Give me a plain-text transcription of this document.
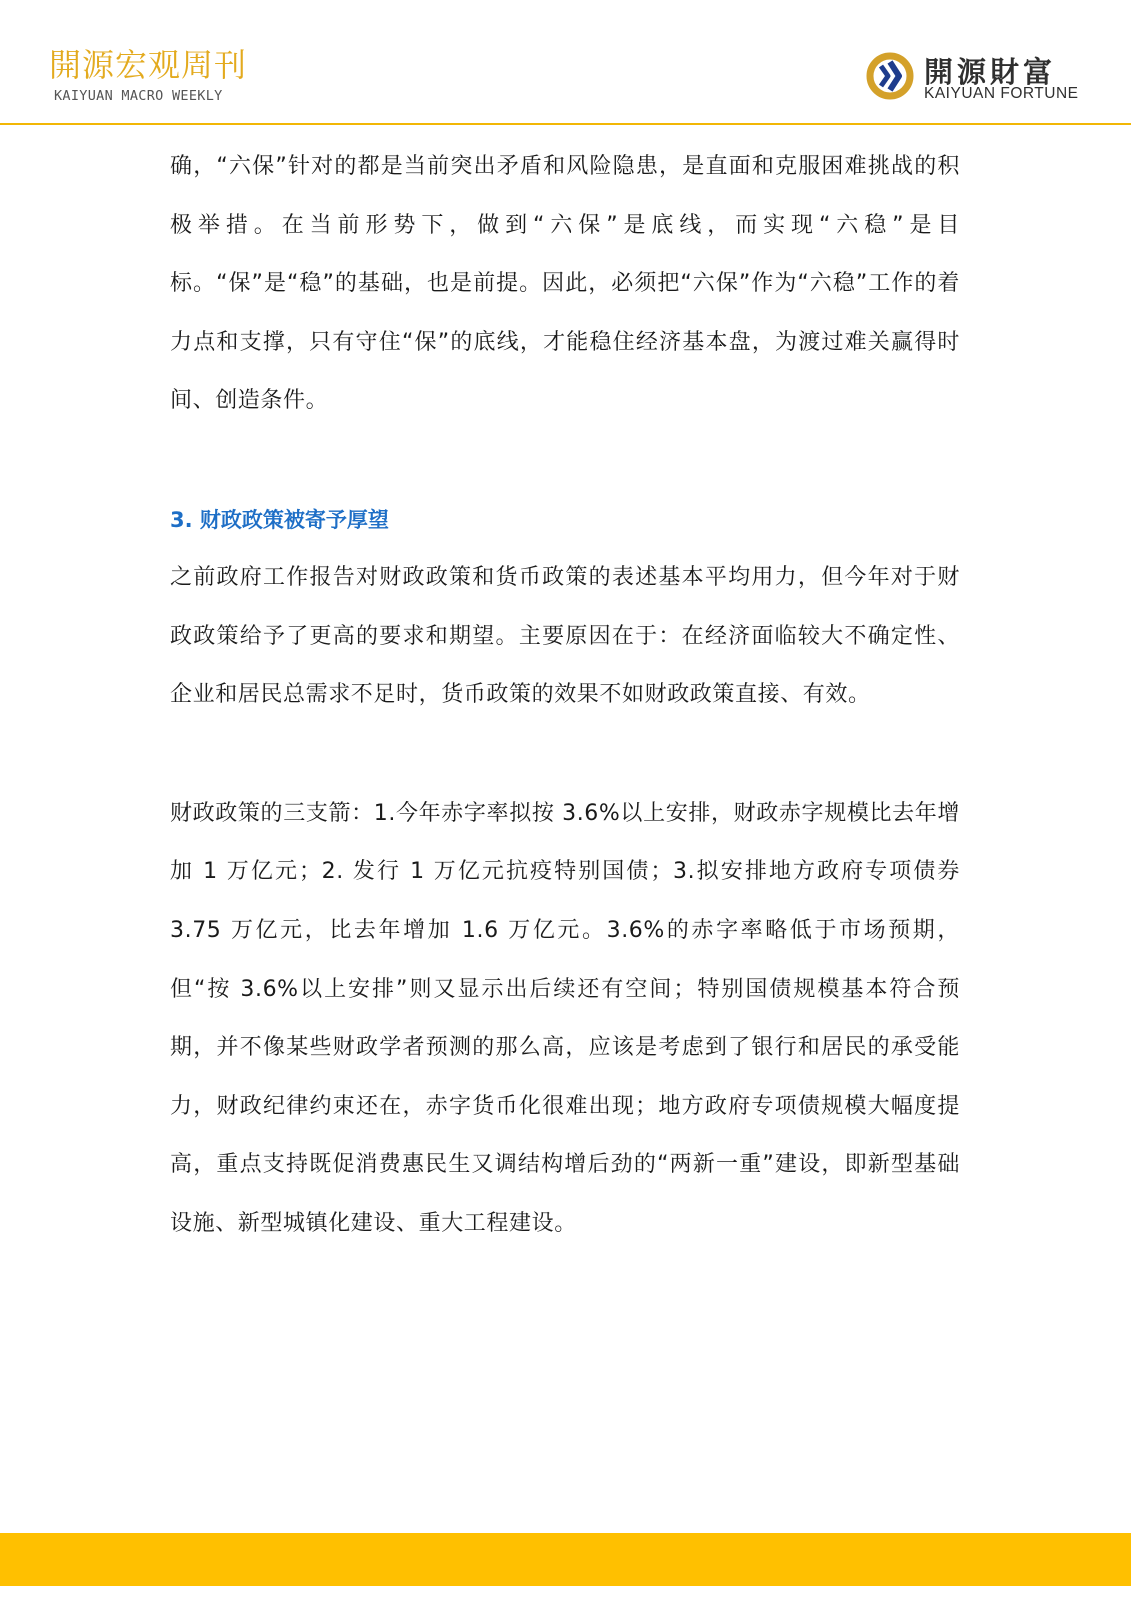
開源宏观周刊
KAIYUAN MACRO WEEKLY
開源財富
KAIYUAN FORTUNE

确，“六保”针对的都是当前突出矛盾和风险隐患，是直面和克服困难挑战的积极举措。在当前形势下，做到“六保”是底线，而实现“六稳”是目标。“保”是“稳”的基础，也是前提。因此，必须把“六保”作为“六稳”工作的着力点和支撑，只有守住“保”的底线，才能稳住经济基本盘，为渡过难关赢得时间、创造条件。

3. 财政政策被寄予厚望

之前政府工作报告对财政政策和货币政策的表述基本平均用力，但今年对于财政政策给予了更高的要求和期望。主要原因在于：在经济面临较大不确定性、企业和居民总需求不足时，货币政策的效果不如财政政策直接、有效。

财政政策的三支箭：1.今年赤字率拟按 3.6%以上安排，财政赤字规模比去年增加 1 万亿元；2. 发行 1 万亿元抗疫特别国债；3.拟安排地方政府专项债券 3.75 万亿元，比去年增加 1.6 万亿元。3.6%的赤字率略低于市场预期，但“按 3.6%以上安排”则又显示出后续还有空间；特别国债规模基本符合预期，并不像某些财政学者预测的那么高，应该是考虑到了银行和居民的承受能力，财政纪律约束还在，赤字货币化很难出现；地方政府专项债规模大幅度提高，重点支持既促消费惠民生又调结构增后劲的“两新一重”建设，即新型基础设施、新型城镇化建设、重大工程建设。
